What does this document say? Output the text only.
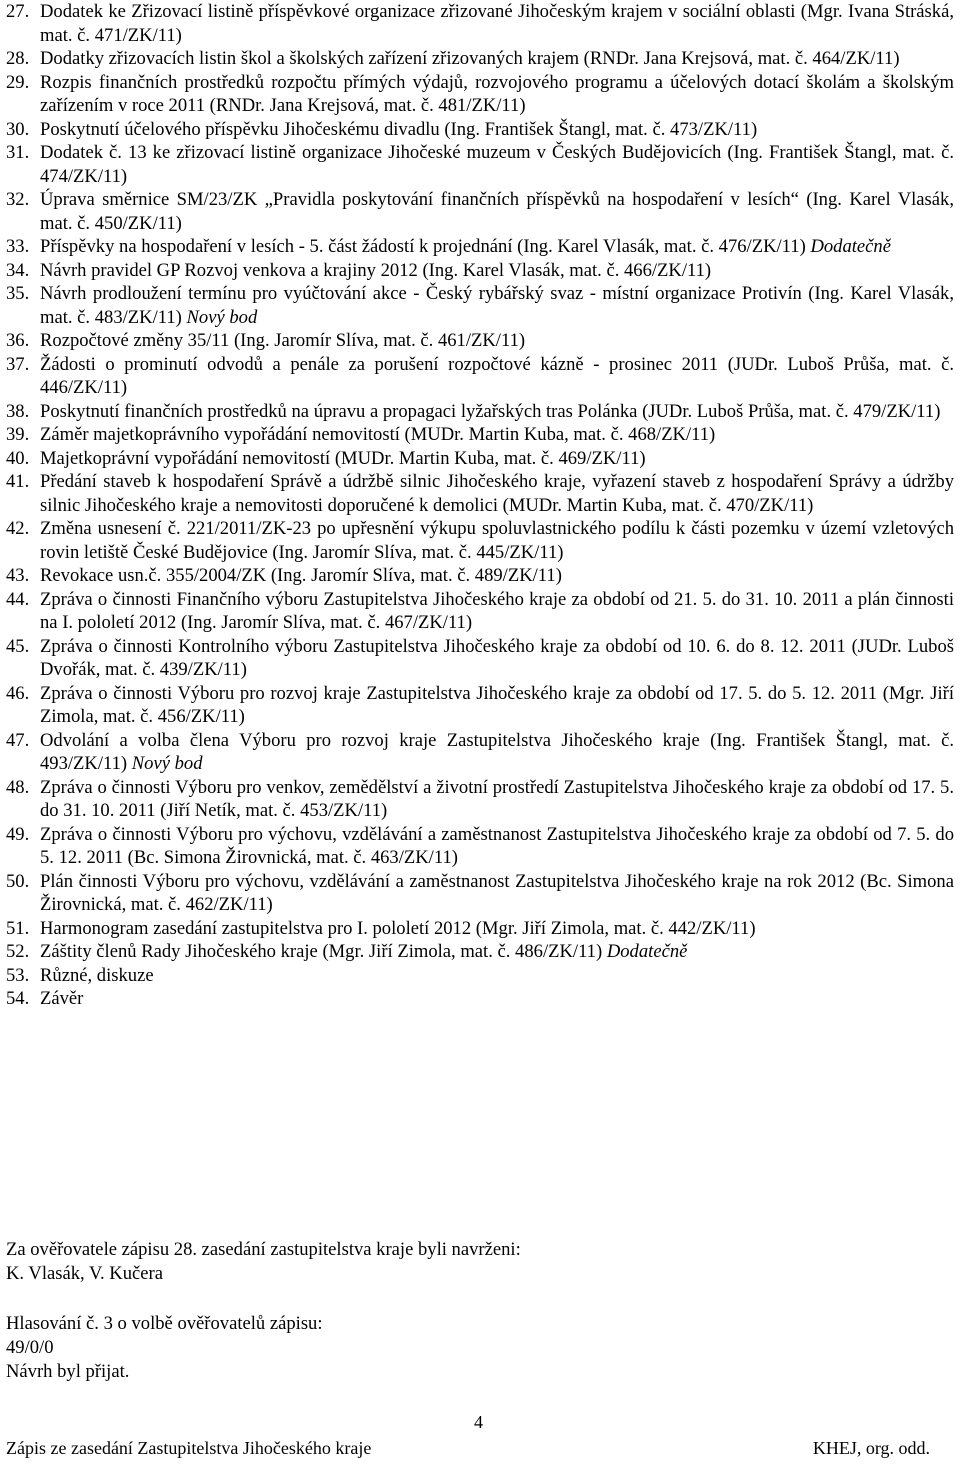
27. Dodatek ke Zřizovací listině příspěvkové organizace zřizované Jihočeským krajem v sociální oblasti (Mgr. Ivana Stráská, mat. č. 471/ZK/11)
28. Dodatky zřizovacích listin škol a školských zařízení zřizovaných krajem (RNDr. Jana Krejsová, mat. č. 464/ZK/11)
29. Rozpis finančních prostředků rozpočtu přímých výdajů, rozvojového programu a účelových dotací školám a školským zařízením v roce 2011 (RNDr. Jana Krejsová, mat. č. 481/ZK/11)
30. Poskytnutí účelového příspěvku Jihočeskému divadlu (Ing. František Štangl, mat. č. 473/ZK/11)
31. Dodatek č. 13 ke zřizovací listině organizace Jihočeské muzeum v Českých Budějovicích (Ing. František Štangl, mat. č. 474/ZK/11)
32. Úprava směrnice SM/23/ZK „Pravidla poskytování finančních příspěvků na hospodaření v lesích“ (Ing. Karel Vlasák, mat. č. 450/ZK/11)
33. Příspěvky na hospodaření v lesích - 5. část žádostí k projednání (Ing. Karel Vlasák, mat. č. 476/ZK/11) Dodatečně
34. Návrh pravidel GP Rozvoj venkova a krajiny 2012 (Ing. Karel Vlasák, mat. č. 466/ZK/11)
35. Návrh prodloužení termínu pro vyúčtování akce - Český rybářský svaz - místní organizace Protivín (Ing. Karel Vlasák, mat. č. 483/ZK/11) Nový bod
36. Rozpočtové změny 35/11 (Ing. Jaromír Slíva, mat. č. 461/ZK/11)
37. Žádosti o prominutí odvodů a penále za porušení rozpočtové kázně - prosinec 2011 (JUDr. Luboš Průša, mat. č. 446/ZK/11)
38. Poskytnutí finančních prostředků na úpravu a propagaci lyžařských tras Polánka (JUDr. Luboš Průša, mat. č. 479/ZK/11)
39. Záměr majetkoprávního vypořádání nemovitostí (MUDr. Martin Kuba, mat. č. 468/ZK/11)
40. Majetkoprávní vypořádání nemovitostí (MUDr. Martin Kuba, mat. č. 469/ZK/11)
41. Předání staveb k hospodaření Správě a údržbě silnic Jihočeského kraje, vyřazení staveb z hospodaření Správy a údržby silnic Jihočeského kraje a nemovitosti doporučené k demolici (MUDr. Martin Kuba, mat. č. 470/ZK/11)
42. Změna usnesení č. 221/2011/ZK-23 po upřesnění výkupu spoluvlastnického podílu k části pozemku v území vzletových rovin letiště České Budějovice (Ing. Jaromír Slíva, mat. č. 445/ZK/11)
43. Revokace usn.č. 355/2004/ZK (Ing. Jaromír Slíva, mat. č. 489/ZK/11)
44. Zpráva o činnosti Finančního výboru Zastupitelstva Jihočeského kraje za období od 21. 5. do 31. 10. 2011 a plán činnosti na I. pololetí 2012 (Ing. Jaromír Slíva, mat. č. 467/ZK/11)
45. Zpráva o činnosti Kontrolního výboru Zastupitelstva Jihočeského kraje za období od 10. 6. do 8. 12. 2011 (JUDr. Luboš Dvořák, mat. č. 439/ZK/11)
46. Zpráva o činnosti Výboru pro rozvoj kraje Zastupitelstva Jihočeského kraje za období od 17. 5. do 5. 12. 2011 (Mgr. Jiří Zimola, mat. č. 456/ZK/11)
47. Odvolání a volba člena Výboru pro rozvoj kraje Zastupitelstva Jihočeského kraje (Ing. František Štangl, mat. č. 493/ZK/11) Nový bod
48. Zpráva o činnosti Výboru pro venkov, zemědělství a životní prostředí Zastupitelstva Jihočeského kraje za období od 17. 5. do 31. 10. 2011 (Jiří Netík, mat. č. 453/ZK/11)
49. Zpráva o činnosti Výboru pro výchovu, vzdělávání a zaměstnanost Zastupitelstva Jihočeského kraje za období od 7. 5. do 5. 12. 2011 (Bc. Simona Žirovnická, mat. č. 463/ZK/11)
50. Plán činnosti Výboru pro výchovu, vzdělávání a zaměstnanost Zastupitelstva Jihočeského kraje na rok 2012 (Bc. Simona Žirovnická, mat. č. 462/ZK/11)
51. Harmonogram zasedání zastupitelstva pro I. pololetí 2012 (Mgr. Jiří Zimola, mat. č. 442/ZK/11)
52. Záštity členů Rady Jihočeského kraje (Mgr. Jiří Zimola, mat. č. 486/ZK/11) Dodatečně
53. Různé, diskuze
54. Závěr
Za ověřovatele zápisu 28. zasedání zastupitelstva kraje byli navrženi:
K. Vlasák, V. Kučera
Hlasování č. 3 o volbě ověřovatelů zápisu:
49/0/0
Návrh byl přijat.
4
Zápis ze zasedání Zastupitelstva Jihočeského kraje	KHEJ, org. odd.
